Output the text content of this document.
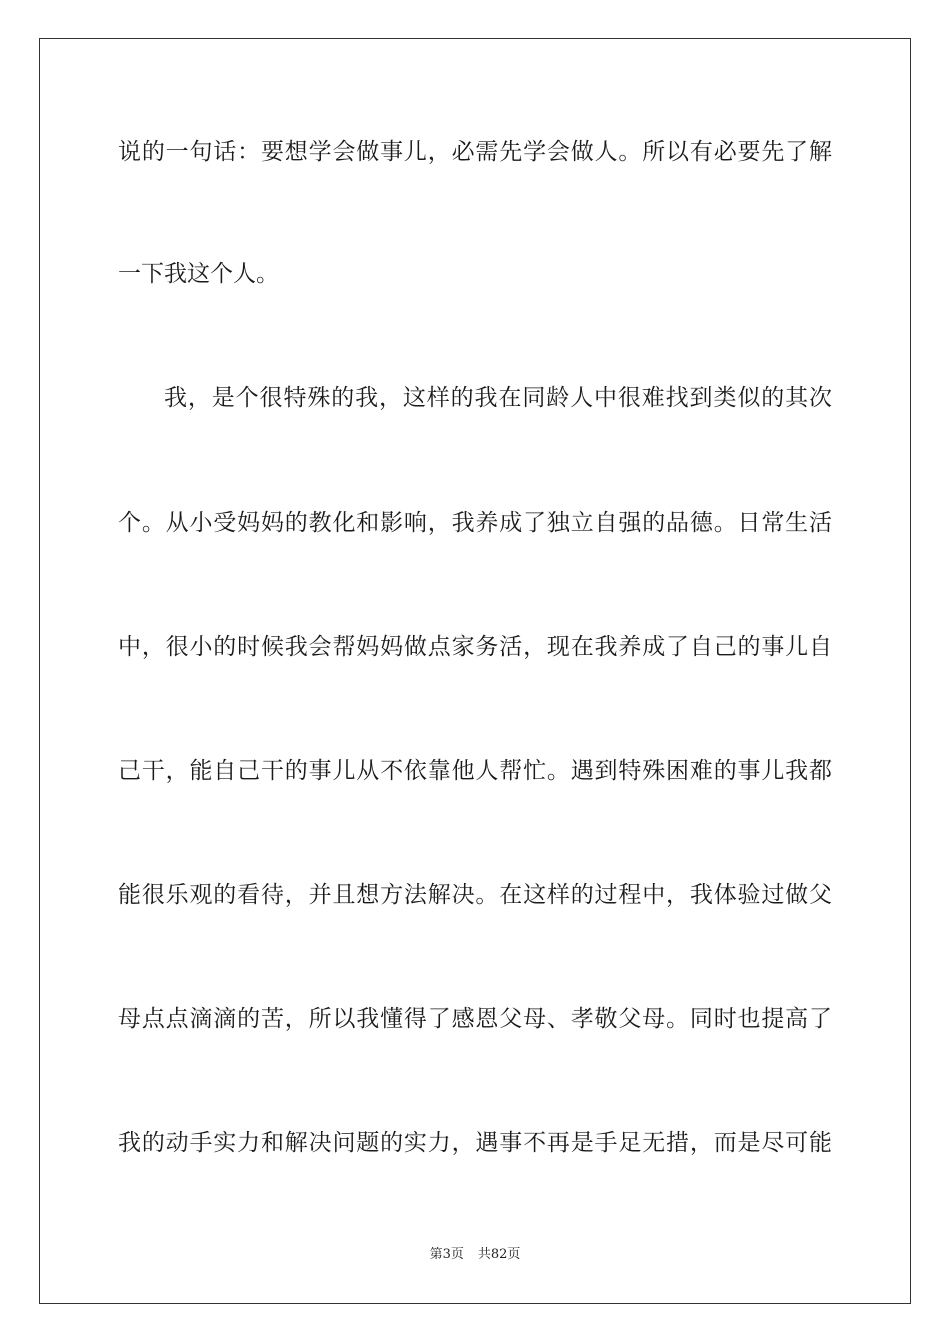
说的一句话：要想学会做事儿，必需先学会做人。所以有必要先了解
一下我这个人。
我，是个很特殊的我，这样的我在同龄人中很难找到类似的其次
个。从小受妈妈的教化和影响，我养成了独立自强的品德。日常生活
中，很小的时候我会帮妈妈做点家务活，现在我养成了自己的事儿自
己干，能自己干的事儿从不依靠他人帮忙。遇到特殊困难的事儿我都
能很乐观的看待，并且想方法解决。在这样的过程中，我体验过做父
母点点滴滴的苦，所以我懂得了感恩父母、孝敬父母。同时也提高了
我的动手实力和解决问题的实力，遇事不再是手足无措，而是尽可能
第3页 共82页
